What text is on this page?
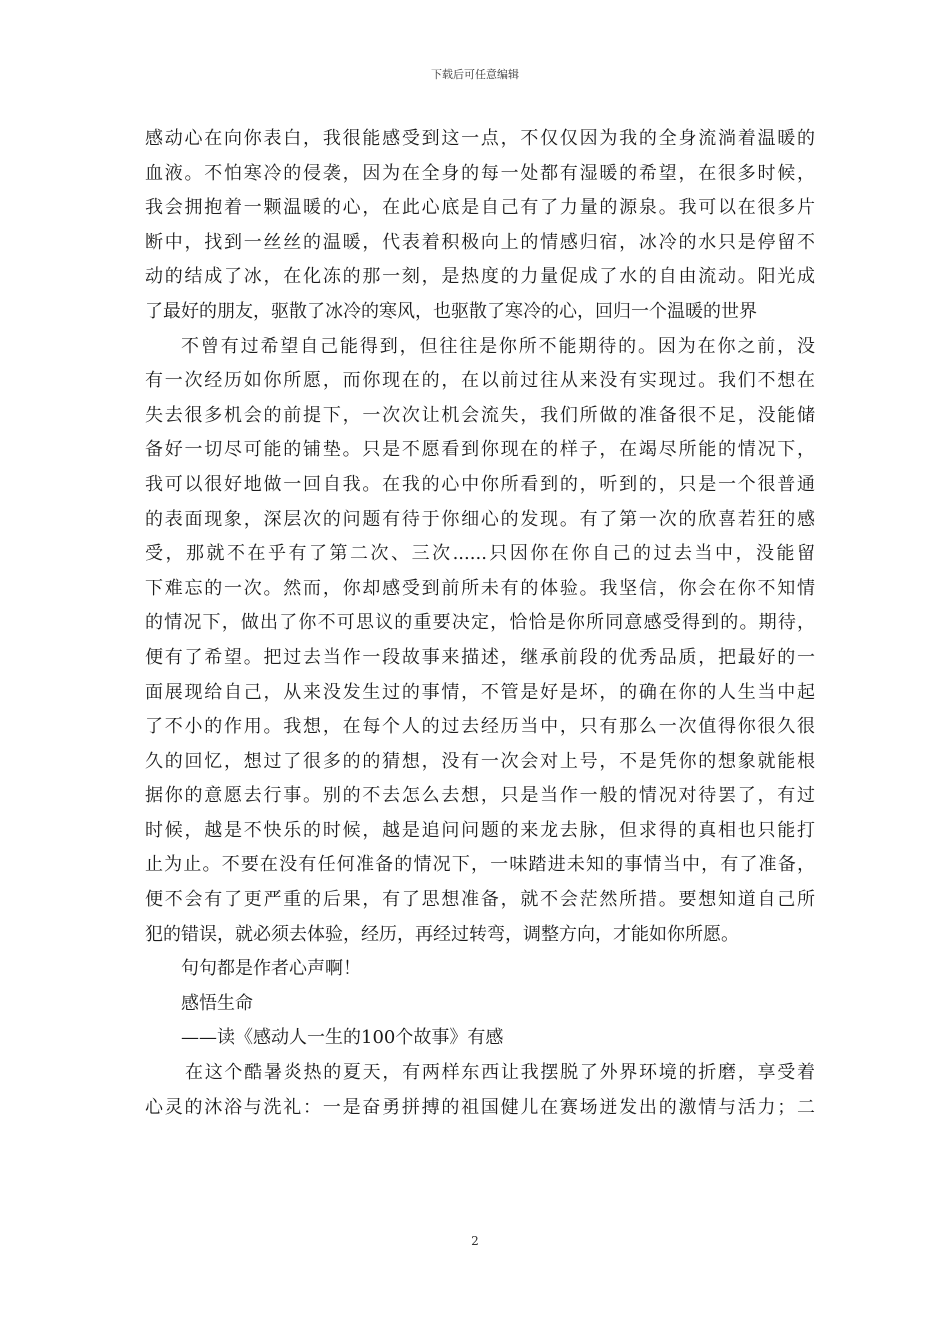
下载后可任意编辑
感动心在向你表白，我很能感受到这一点，不仅仅因为我的全身流淌着温暖的
血液。不怕寒冷的侵袭，因为在全身的每一处都有湿暖的希望，在很多时候，
我会拥抱着一颗温暖的心，在此心底是自己有了力量的源泉。我可以在很多片
断中，找到一丝丝的温暖，代表着积极向上的情感归宿，冰冷的水只是停留不
动的结成了冰，在化冻的那一刻，是热度的力量促成了水的自由流动。阳光成
了最好的朋友，驱散了冰冷的寒风，也驱散了寒冷的心，回归一个温暖的世界
不曾有过希望自己能得到，但往往是你所不能期待的。因为在你之前，没
有一次经历如你所愿，而你现在的，在以前过往从来没有实现过。我们不想在
失去很多机会的前提下，一次次让机会流失，我们所做的准备很不足，没能储
备好一切尽可能的铺垫。只是不愿看到你现在的样子，在竭尽所能的情况下，
我可以很好地做一回自我。在我的心中你所看到的，听到的，只是一个很普通
的表面现象，深层次的问题有待于你细心的发现。有了第一次的欣喜若狂的感
受，那就不在乎有了第二次、三次......只因你在你自己的过去当中，没能留
下难忘的一次。然而，你却感受到前所未有的体验。我坚信，你会在你不知情
的情况下，做出了你不可思议的重要决定，恰恰是你所同意感受得到的。期待，
便有了希望。把过去当作一段故事来描述，继承前段的优秀品质，把最好的一
面展现给自己，从来没发生过的事情，不管是好是坏，的确在你的人生当中起
了不小的作用。我想，在每个人的过去经历当中，只有那么一次值得你很久很
久的回忆，想过了很多的的猜想，没有一次会对上号，不是凭你的想象就能根
据你的意愿去行事。别的不去怎么去想，只是当作一般的情况对待罢了，有过
时候，越是不快乐的时候，越是追问问题的来龙去脉，但求得的真相也只能打
止为止。不要在没有任何准备的情况下，一味踏进未知的事情当中，有了准备，
便不会有了更严重的后果，有了思想准备，就不会茫然所措。要想知道自己所
犯的错误，就必须去体验，经历，再经过转弯，调整方向，才能如你所愿。
句句都是作者心声啊！
感悟生命
——读《感动人一生的100个故事》有感
在这个酷暑炎热的夏天，有两样东西让我摆脱了外界环境的折磨，享受着
心灵的沐浴与洗礼：一是奋勇拼搏的祖国健儿在赛场迸发出的激情与活力；二
2
